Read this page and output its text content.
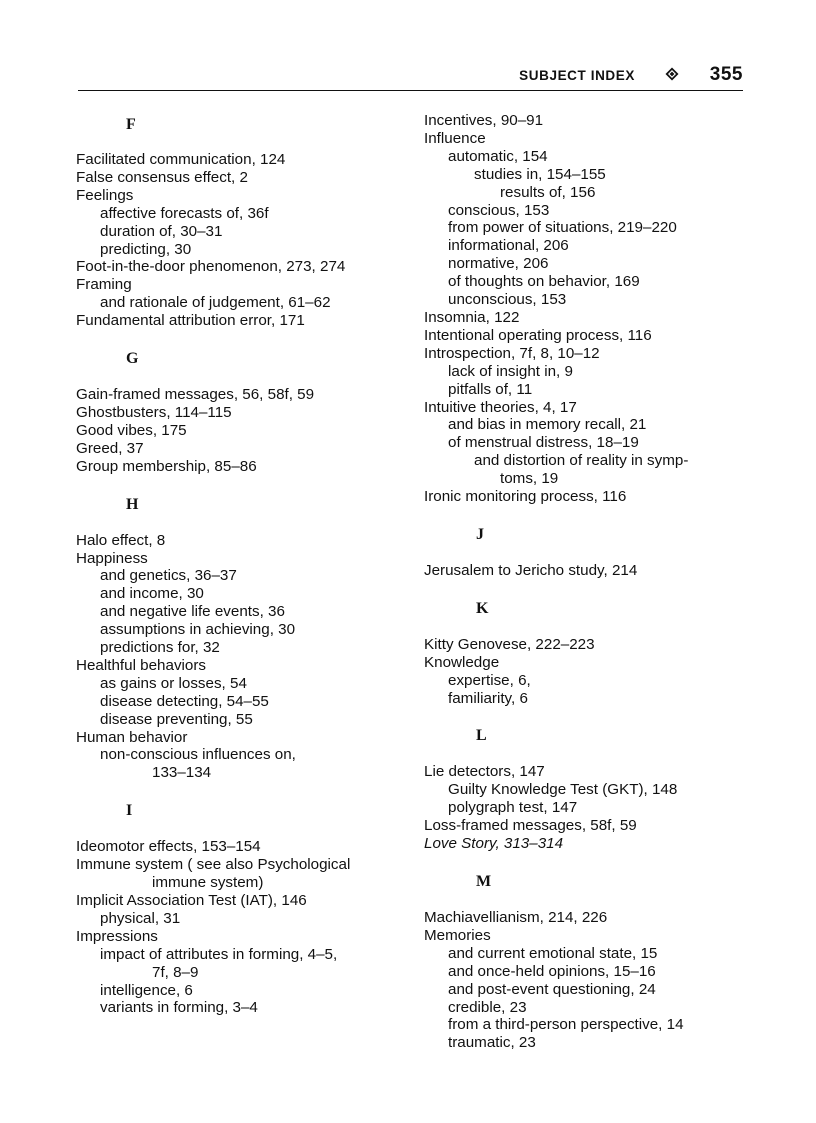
SUBJECT INDEX	355
F
Facilitated communication, 124
False consensus effect, 2
Feelings
affective forecasts of, 36f
duration of, 30–31
predicting, 30
Foot-in-the-door phenomenon, 273, 274
Framing
and rationale of judgement, 61–62
Fundamental attribution error, 171
G
Gain-framed messages, 56, 58f, 59
Ghostbusters, 114–115
Good vibes, 175
Greed, 37
Group membership, 85–86
H
Halo effect, 8
Happiness
and genetics, 36–37
and income, 30
and negative life events, 36
assumptions in achieving, 30
predictions for, 32
Healthful behaviors
as gains or losses, 54
disease detecting, 54–55
disease preventing, 55
Human behavior
non-conscious influences on,
133–134
I
Ideomotor effects, 153–154
Immune system ( see also Psychological
immune system)
Implicit Association Test (IAT), 146
physical, 31
Impressions
impact of attributes in forming, 4–5,
7f, 8–9
intelligence, 6
variants in forming, 3–4
Incentives, 90–91
Influence
automatic, 154
studies in, 154–155
results of, 156
conscious, 153
from power of situations, 219–220
informational, 206
normative, 206
of thoughts on behavior, 169
unconscious, 153
Insomnia, 122
Intentional operating process, 116
Introspection, 7f, 8, 10–12
lack of insight in, 9
pitfalls of, 11
Intuitive theories, 4, 17
and bias in memory recall, 21
of menstrual distress, 18–19
and distortion of reality in symp-
toms, 19
Ironic monitoring process, 116
J
Jerusalem to Jericho study, 214
K
Kitty Genovese, 222–223
Knowledge
expertise, 6,
familiarity, 6
L
Lie detectors, 147
Guilty Knowledge Test (GKT), 148
polygraph test, 147
Loss-framed messages, 58f, 59
Love Story, 313–314
M
Machiavellianism, 214, 226
Memories
and current emotional state, 15
and once-held opinions, 15–16
and post-event questioning, 24
credible, 23
from a third-person perspective, 14
traumatic, 23
